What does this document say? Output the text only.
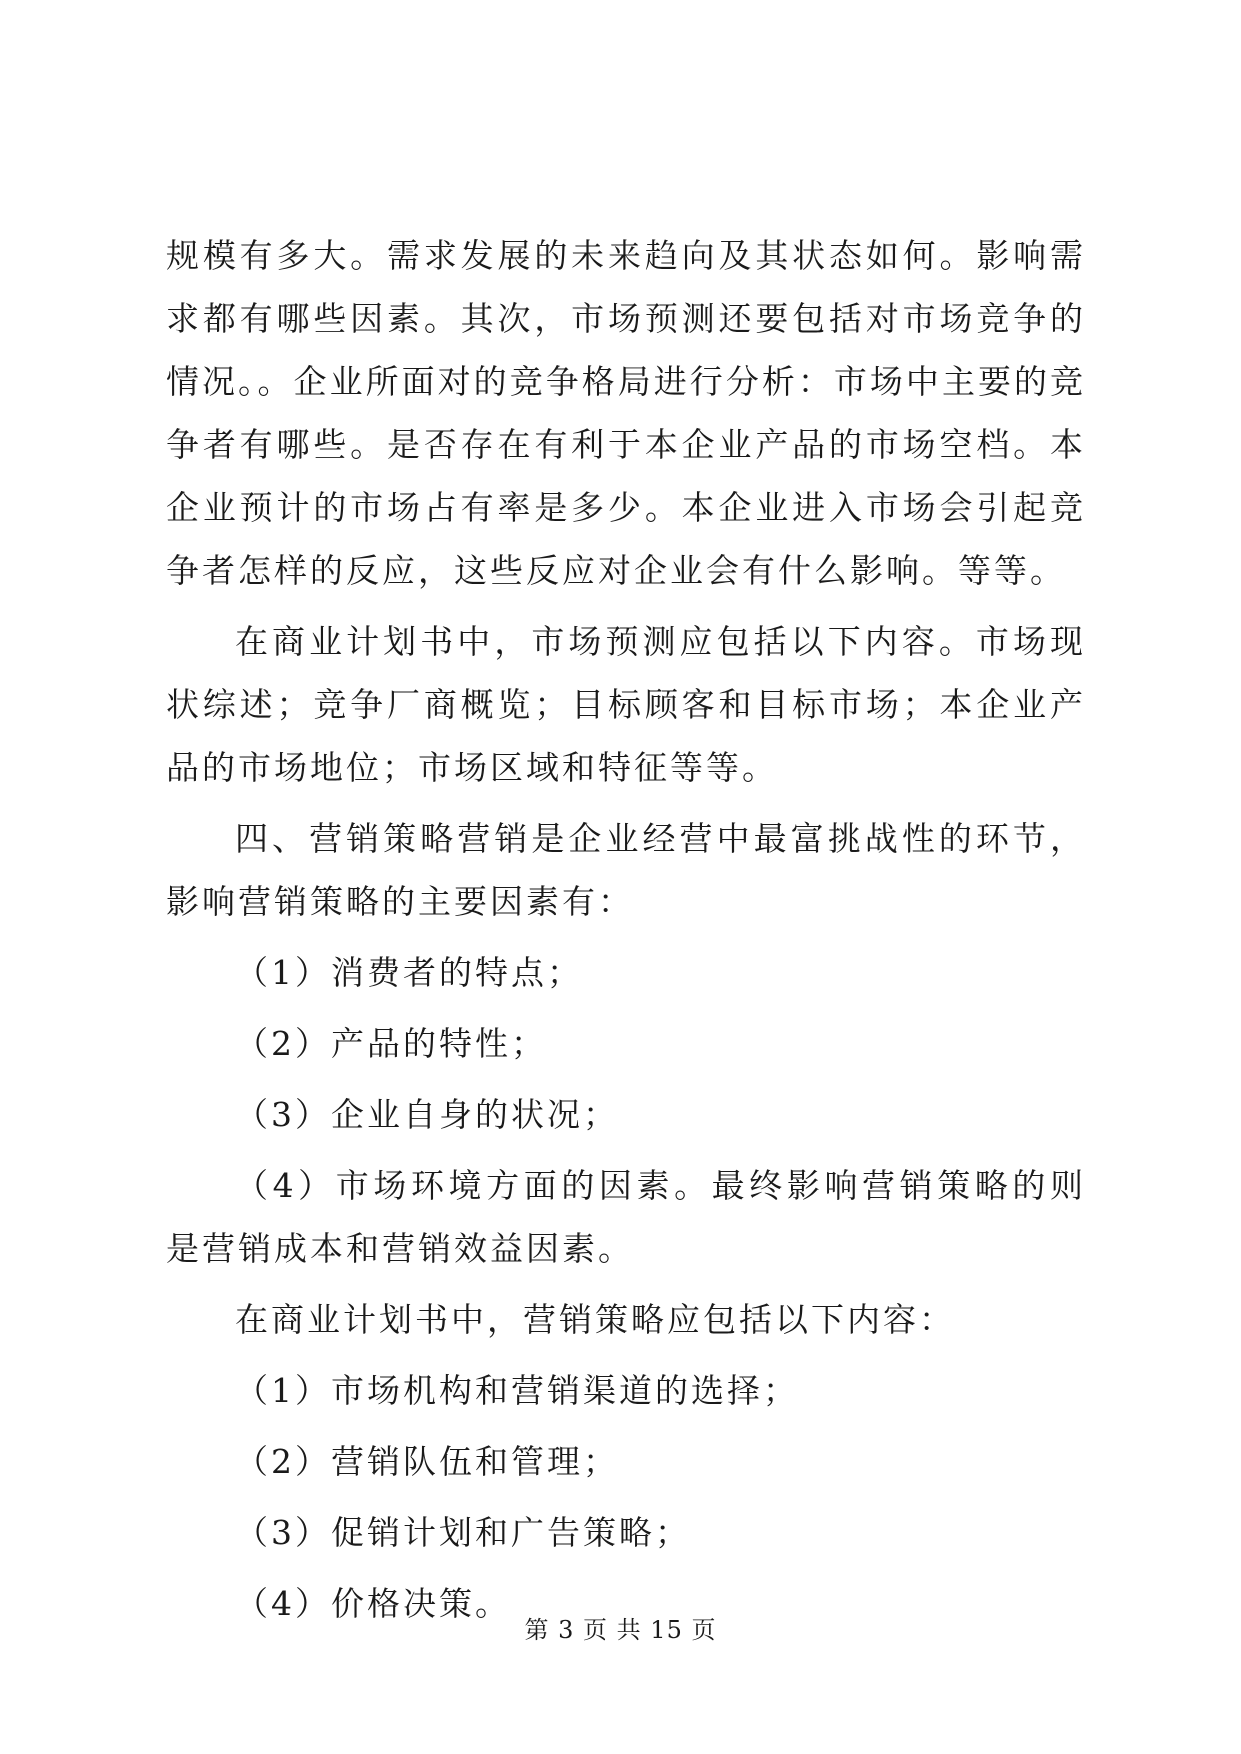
规模有多大。需求发展的未来趋向及其状态如何。影响需求都有哪些因素。其次，市场预测还要包括对市场竞争的情况。。企业所面对的竞争格局进行分析：市场中主要的竞争者有哪些。是否存在有利于本企业产品的市场空档。本企业预计的市场占有率是多少。本企业进入市场会引起竞争者怎样的反应，这些反应对企业会有什么影响。等等。

在商业计划书中，市场预测应包括以下内容。市场现状综述；竞争厂商概览；目标顾客和目标市场；本企业产品的市场地位；市场区域和特征等等。

四、营销策略营销是企业经营中最富挑战性的环节，影响营销策略的主要因素有：

（1）消费者的特点；

（2）产品的特性；

（3）企业自身的状况；

（4）市场环境方面的因素。最终影响营销策略的则是营销成本和营销效益因素。

在商业计划书中，营销策略应包括以下内容：

（1）市场机构和营销渠道的选择；

（2）营销队伍和管理；

（3）促销计划和广告策略；

（4）价格决策。

第 3 页 共 15 页
